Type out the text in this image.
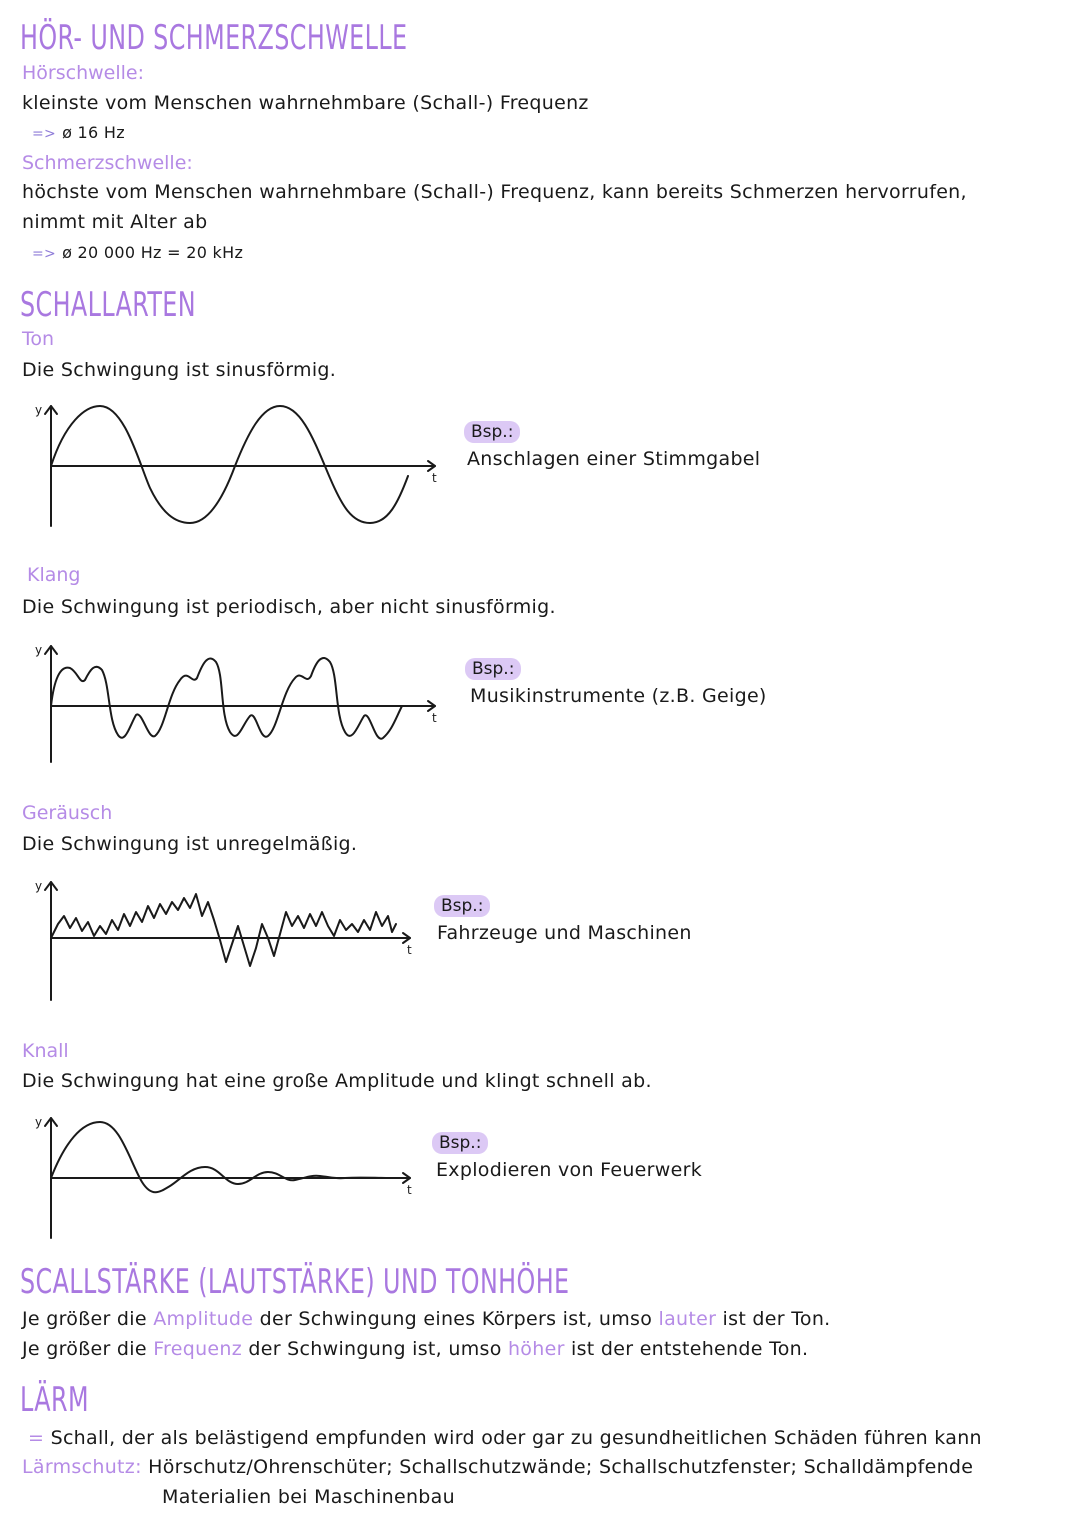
HÖR- UND SCHMERZSCHWELLE
Hörschwelle:
kleinste vom Menschen wahrnehmbare (Schall-) Frequenz
=> ø 16 Hz
Schmerzschwelle:
höchste vom Menschen wahrnehmbare (Schall-) Frequenz, kann bereits Schmerzen hervorrufen,
nimmt mit Alter ab
=> ø 20 000 Hz = 20 kHz
SCHALLARTEN
Ton
Die Schwingung ist sinusförmig.
y
t
Bsp.:
Anschlagen einer Stimmgabel
Klang
Die Schwingung ist periodisch, aber nicht sinusförmig.
y
t
Bsp.:
Musikinstrumente (z.B. Geige)
Geräusch
Die Schwingung ist unregelmäßig.
y
t
Bsp.:
Fahrzeuge und Maschinen
Knall
Die Schwingung hat eine große Amplitude und klingt schnell ab.
y
t
Bsp.:
Explodieren von Feuerwerk
SCALLSTÄRKE (LAUTSTÄRKE) UND TONHÖHE
Je größer die Amplitude der Schwingung eines Körpers ist, umso lauter ist der Ton.
Je größer die Frequenz der Schwingung ist, umso höher ist der entstehende Ton.
LÄRM
= Schall, der als belästigend empfunden wird oder gar zu gesundheitlichen Schäden führen kann
Lärmschutz: Hörschutz/Ohrenschüter; Schallschutzwände; Schallschutzfenster; Schalldämpfende
Materialien bei Maschinenbau
